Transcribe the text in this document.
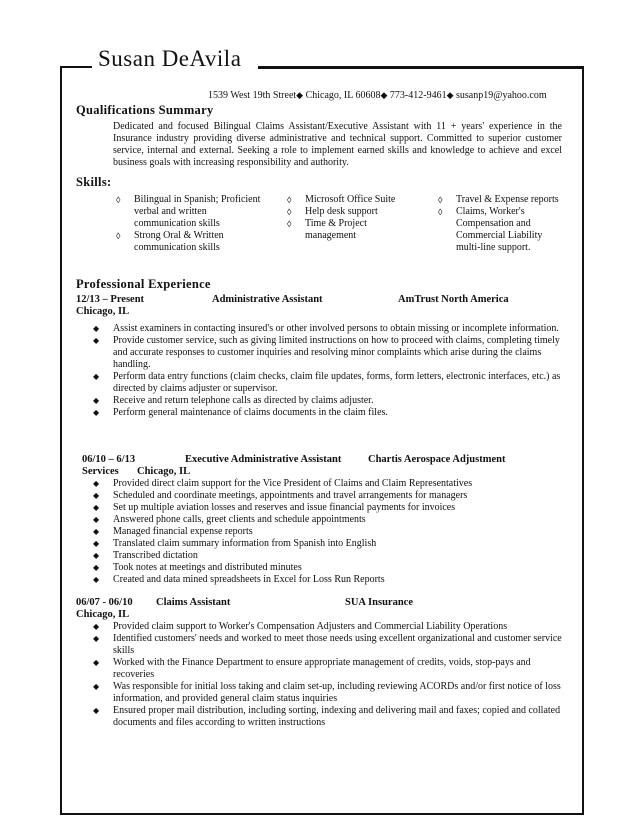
Susan DeAvila
1539 West 19th Street◆ Chicago, IL 60608◆ 773-412-9461◆ susanp19@yahoo.com
Qualifications Summary
Dedicated and focused Bilingual Claims Assistant/Executive Assistant with 11 + years' experience in the Insurance industry providing diverse administrative and technical support. Committed to superior customer service, internal and external. Seeking a role to implement earned skills and knowledge to achieve and excel business goals with increasing responsibility and authority.
Skills:
◊ Bilingual in Spanish; Proficient verbal and written communication skills
◊ Strong Oral & Written communication skills
◊ Microsoft Office Suite
◊ Help desk support
◊ Time & Project management
◊ Travel & Expense reports
◊ Claims, Worker's Compensation and Commercial Liability multi-line support.
Professional Experience
12/13 – Present	Administrative Assistant	AmTrust North America
Chicago, IL
◆ Assist examiners in contacting insured's or other involved persons to obtain missing or incomplete information.
◆ Provide customer service, such as giving limited instructions on how to proceed with claims, completing timely and accurate responses to customer inquiries and resolving minor complaints which arise during the claims handling.
◆ Perform data entry functions (claim checks, claim file updates, forms, form letters, electronic interfaces, etc.) as directed by claims adjuster or supervisor.
◆ Receive and return telephone calls as directed by claims adjuster.
◆ Perform general maintenance of claims documents in the claim files.
06/10 – 6/13	Executive Administrative Assistant	Chartis Aerospace Adjustment
Services Chicago, IL
◆ Provided direct claim support for the Vice President of Claims and Claim Representatives
◆ Scheduled and coordinate meetings, appointments and travel arrangements for managers
◆ Set up multiple aviation losses and reserves and issue financial payments for invoices
◆ Answered phone calls, greet clients and schedule appointments
◆ Managed financial expense reports
◆ Translated claim summary information from Spanish into English
◆ Transcribed dictation
◆ Took notes at meetings and distributed minutes
◆ Created and data mined spreadsheets in Excel for Loss Run Reports
06/07 - 06/10 Claims Assistant	SUA Insurance
Chicago, IL
◆ Provided claim support to Worker's Compensation Adjusters and Commercial Liability Operations
◆ Identified customers' needs and worked to meet those needs using excellent organizational and customer service skills
◆ Worked with the Finance Department to ensure appropriate management of credits, voids, stop-pays and recoveries
◆ Was responsible for initial loss taking and claim set-up, including reviewing ACORDs and/or first notice of loss information, and provided general claim status inquiries
◆ Ensured proper mail distribution, including sorting, indexing and delivering mail and faxes; copied and collated documents and files according to written instructions
